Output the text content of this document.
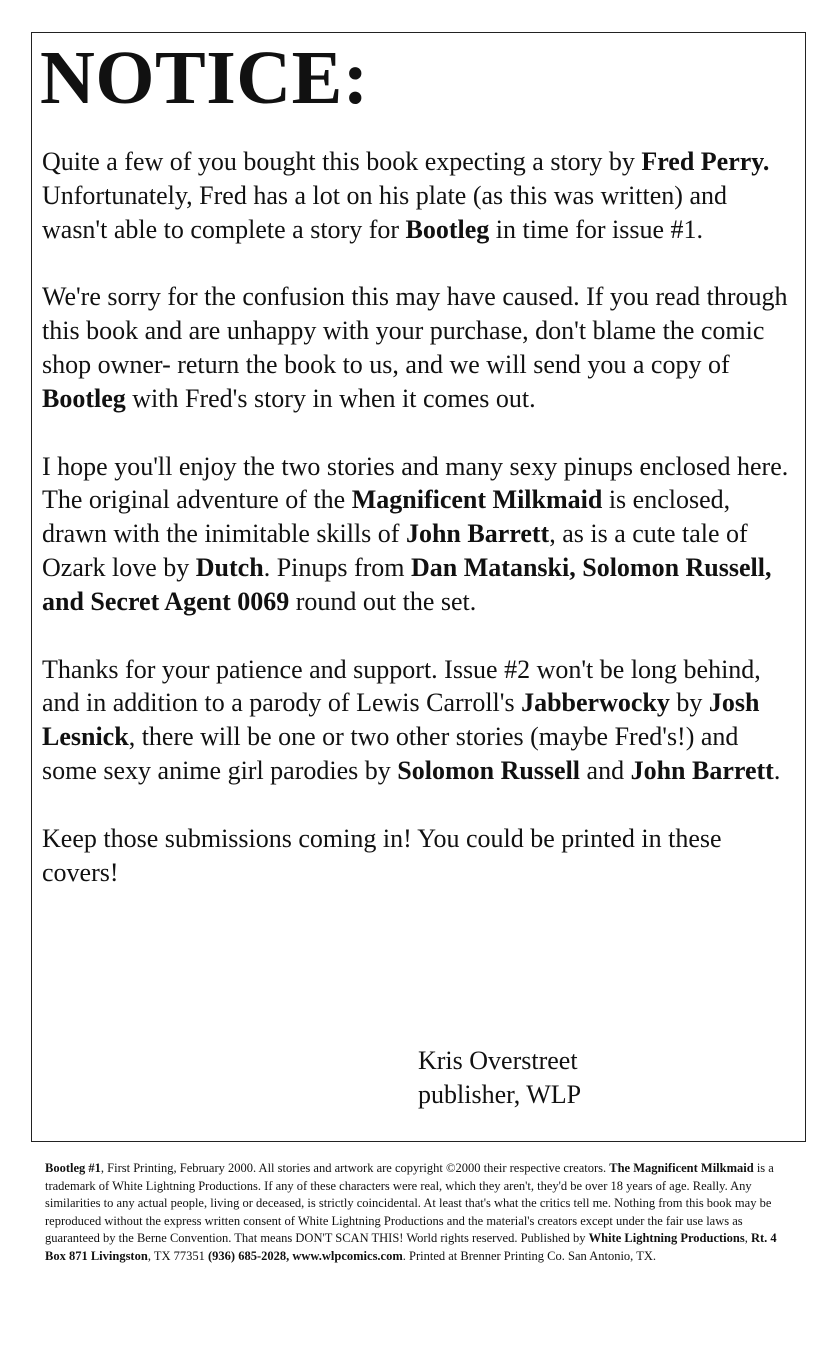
NOTICE:

Quite a few of you bought this book expecting a story by Fred Perry. Unfortunately, Fred has a lot on his plate (as this was written) and wasn't able to complete a story for Bootleg in time for issue #1.

We're sorry for the confusion this may have caused. If you read through this book and are unhappy with your purchase, don't blame the comic shop owner- return the book to us, and we will send you a copy of Bootleg with Fred's story in when it comes out.

I hope you'll enjoy the two stories and many sexy pinups enclosed here. The original adventure of the Magnificent Milkmaid is enclosed, drawn with the inimitable skills of John Barrett, as is a cute tale of Ozark love by Dutch. Pinups from Dan Matanski, Solomon Russell, and Secret Agent 0069 round out the set.

Thanks for your patience and support. Issue #2 won't be long behind, and in addition to a parody of Lewis Carroll's Jabberwocky by Josh Lesnick, there will be one or two other stories (maybe Fred's!) and some sexy anime girl parodies by Solomon Russell and John Barrett.

Keep those submissions coming in! You could be printed in these covers!

Kris Overstreet
publisher, WLP
Bootleg #1, First Printing, February 2000. All stories and artwork are copyright ©2000 their respective creators. The Magnificent Milkmaid is a trademark of White Lightning Productions. If any of these characters were real, which they aren't, they'd be over 18 years of age. Really. Any similarities to any actual people, living or deceased, is strictly coincidental. At least that's what the critics tell me. Nothing from this book may be reproduced without the express written consent of White Lightning Productions and the material's creators except under the fair use laws as guaranteed by the Berne Convention. That means DON'T SCAN THIS! World rights reserved. Published by White Lightning Productions, Rt. 4 Box 871 Livingston, TX 77351 (936) 685-2028, www.wlpcomics.com. Printed at Brenner Printing Co. San Antonio, TX.
